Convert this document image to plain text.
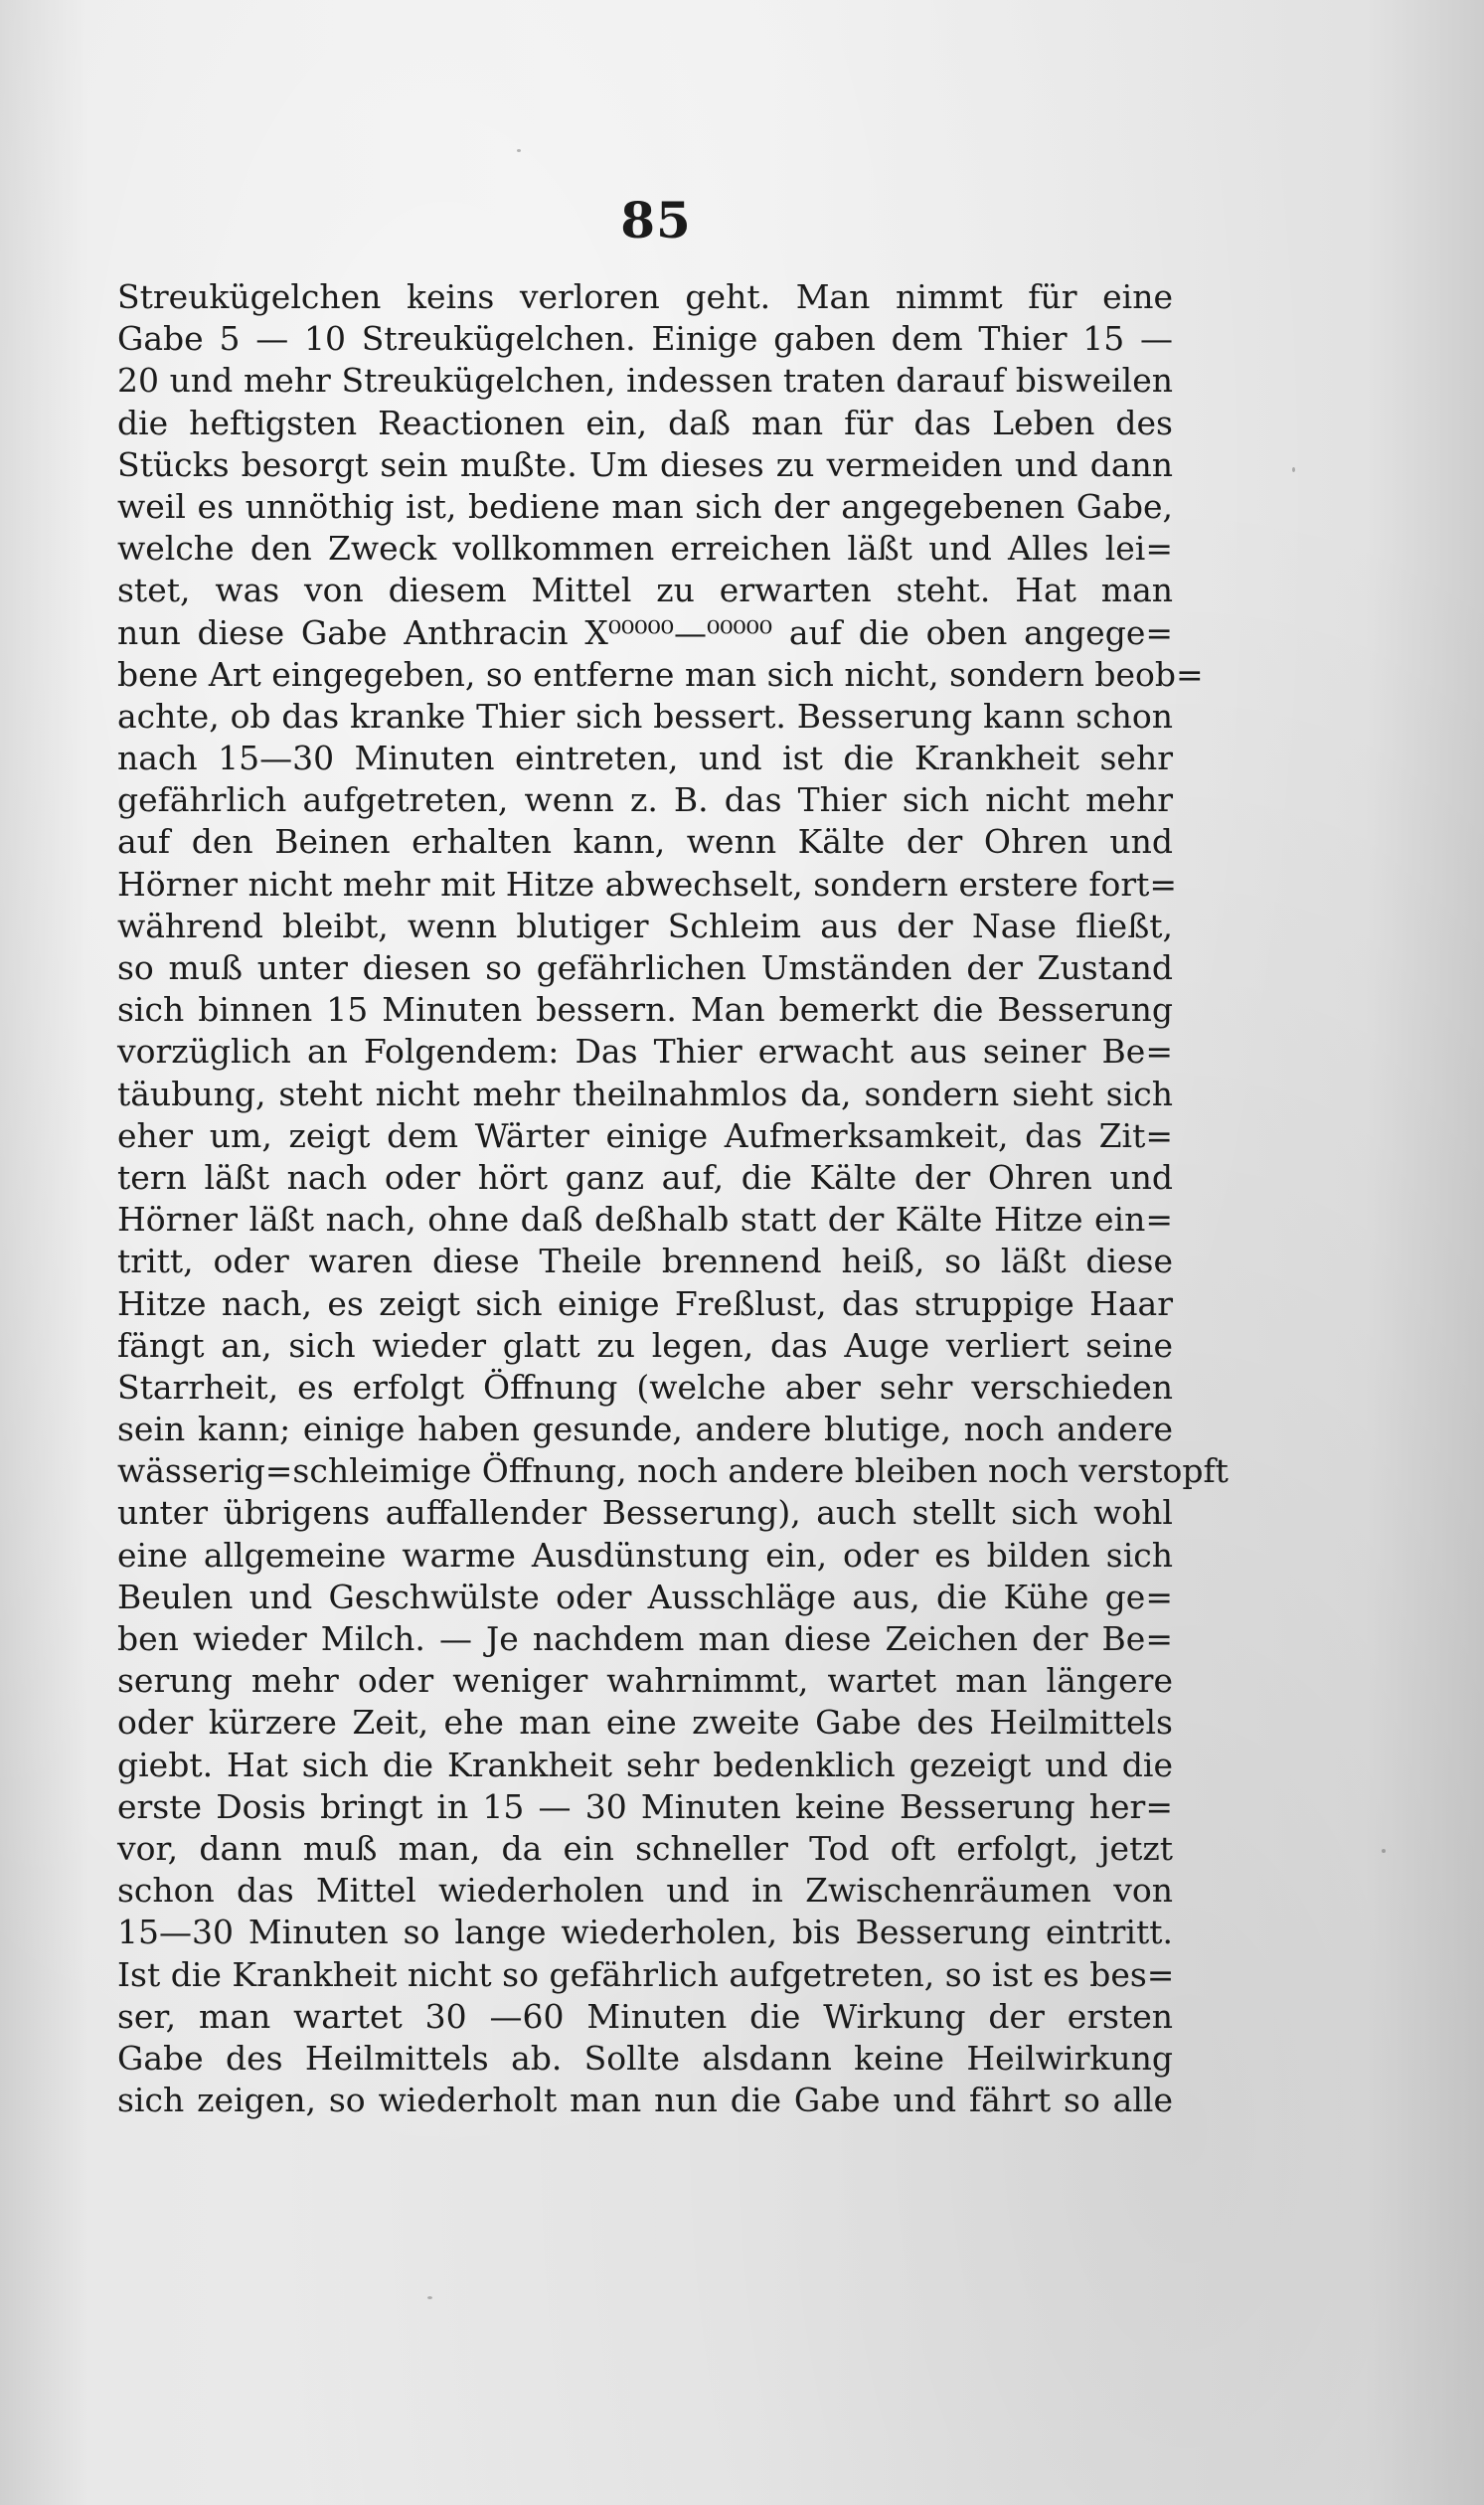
85
Streukügelchen keins verloren geht. Man nimmt für eine
Gabe 5 — 10 Streukügelchen. Einige gaben dem Thier 15 —
20 und mehr Streukügelchen, indessen traten darauf bisweilen
die heftigsten Reactionen ein, daß man für das Leben des
Stücks besorgt sein mußte. Um dieses zu vermeiden und dann
weil es unnöthig ist, bediene man sich der angegebenen Gabe,
welche den Zweck vollkommen erreichen läßt und Alles lei=
stet, was von diesem Mittel zu erwarten steht. Hat man
nun diese Gabe Anthracin X⁰⁰⁰⁰⁰—⁰⁰⁰⁰⁰ auf die oben angege=
bene Art eingegeben, so entferne man sich nicht, sondern beob=
achte, ob das kranke Thier sich bessert. Besserung kann schon
nach 15—30 Minuten eintreten, und ist die Krankheit sehr
gefährlich aufgetreten, wenn z. B. das Thier sich nicht mehr
auf den Beinen erhalten kann, wenn Kälte der Ohren und
Hörner nicht mehr mit Hitze abwechselt, sondern erstere fort=
während bleibt, wenn blutiger Schleim aus der Nase fließt,
so muß unter diesen so gefährlichen Umständen der Zustand
sich binnen 15 Minuten bessern. Man bemerkt die Besserung
vorzüglich an Folgendem: Das Thier erwacht aus seiner Be=
täubung, steht nicht mehr theilnahmlos da, sondern sieht sich
eher um, zeigt dem Wärter einige Aufmerksamkeit, das Zit=
tern läßt nach oder hört ganz auf, die Kälte der Ohren und
Hörner läßt nach, ohne daß deßhalb statt der Kälte Hitze ein=
tritt, oder waren diese Theile brennend heiß, so läßt diese
Hitze nach, es zeigt sich einige Freßlust, das struppige Haar
fängt an, sich wieder glatt zu legen, das Auge verliert seine
Starrheit, es erfolgt Öffnung (welche aber sehr verschieden
sein kann; einige haben gesunde, andere blutige, noch andere
wässerig=schleimige Öffnung, noch andere bleiben noch verstopft
unter übrigens auffallender Besserung), auch stellt sich wohl
eine allgemeine warme Ausdünstung ein, oder es bilden sich
Beulen und Geschwülste oder Ausschläge aus, die Kühe ge=
ben wieder Milch. — Je nachdem man diese Zeichen der Be=
serung mehr oder weniger wahrnimmt, wartet man längere
oder kürzere Zeit, ehe man eine zweite Gabe des Heilmittels
giebt. Hat sich die Krankheit sehr bedenklich gezeigt und die
erste Dosis bringt in 15 — 30 Minuten keine Besserung her=
vor, dann muß man, da ein schneller Tod oft erfolgt, jetzt
schon das Mittel wiederholen und in Zwischenräumen von
15—30 Minuten so lange wiederholen, bis Besserung eintritt.
Ist die Krankheit nicht so gefährlich aufgetreten, so ist es bes=
ser, man wartet 30 —60 Minuten die Wirkung der ersten
Gabe des Heilmittels ab. Sollte alsdann keine Heilwirkung
sich zeigen, so wiederholt man nun die Gabe und fährt so alle
